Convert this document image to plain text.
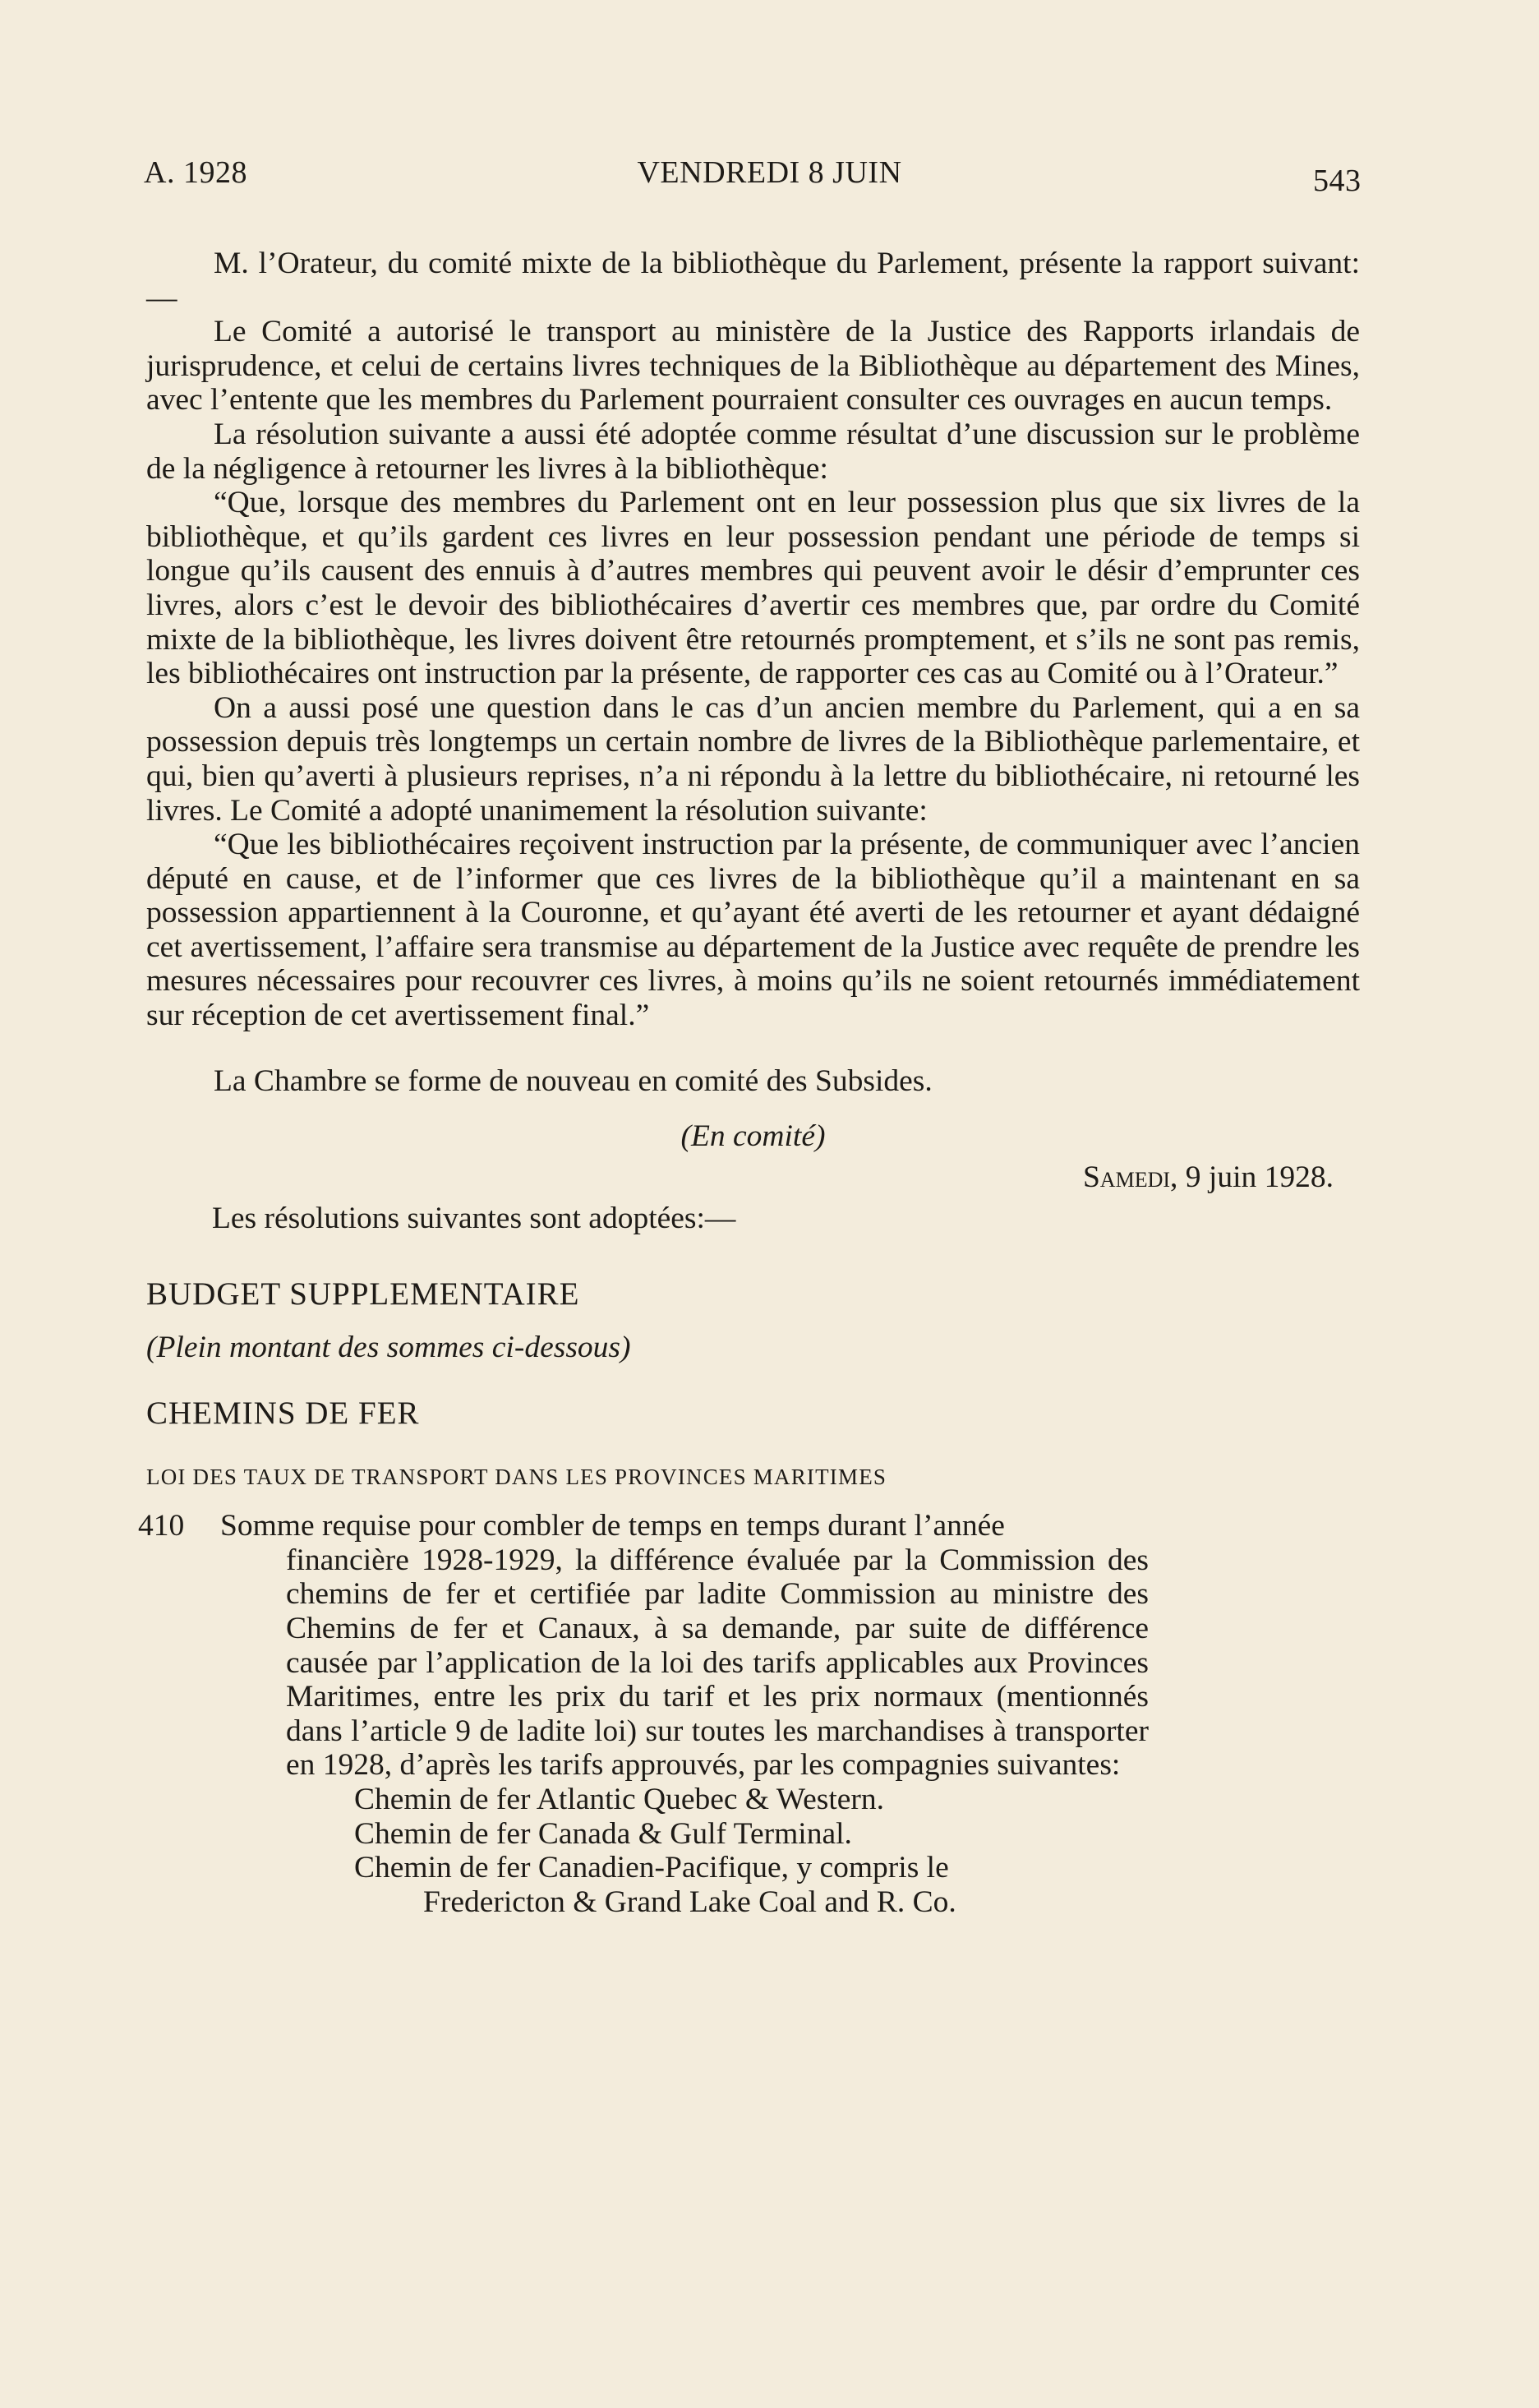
A. 1928	VENDREDI 8 JUIN	543

M. l’Orateur, du comité mixte de la bibliothèque du Parlement, présente la rapport suivant:—

Le Comité a autorisé le transport au ministère de la Justice des Rapports irlandais de jurisprudence, et celui de certains livres techniques de la Bibliothèque au département des Mines, avec l’entente que les membres du Parlement pourraient consulter ces ouvrages en aucun temps.

La résolution suivante a aussi été adoptée comme résultat d’une discussion sur le problème de la négligence à retourner les livres à la bibliothèque:

“Que, lorsque des membres du Parlement ont en leur possession plus que six livres de la bibliothèque, et qu’ils gardent ces livres en leur possession pendant une période de temps si longue qu’ils causent des ennuis à d’autres membres qui peuvent avoir le désir d’emprunter ces livres, alors c’est le devoir des bibliothécaires d’avertir ces membres que, par ordre du Comité mixte de la bibliothèque, les livres doivent être retournés promptement, et s’ils ne sont pas remis, les bibliothécaires ont instruction par la présente, de rapporter ces cas au Comité ou à l’Orateur.”

On a aussi posé une question dans le cas d’un ancien membre du Parlement, qui a en sa possession depuis très longtemps un certain nombre de livres de la Bibliothèque parlementaire, et qui, bien qu’averti à plusieurs reprises, n’a ni répondu à la lettre du bibliothécaire, ni retourné les livres. Le Comité a adopté unanimement la résolution suivante:

“Que les bibliothécaires reçoivent instruction par la présente, de communiquer avec l’ancien député en cause, et de l’informer que ces livres de la bibliothèque qu’il a maintenant en sa possession appartiennent à la Couronne, et qu’ayant été averti de les retourner et ayant dédaigné cet avertissement, l’affaire sera transmise au département de la Justice avec requête de prendre les mesures nécessaires pour recouvrer ces livres, à moins qu’ils ne soient retournés immédiatement sur réception de cet avertissement final.”

La Chambre se forme de nouveau en comité des Subsides.

(En comité)
Samedi, 9 juin 1928.

Les résolutions suivantes sont adoptées:—

BUDGET SUPPLEMENTAIRE

(Plein montant des sommes ci-dessous)

CHEMINS DE FER

LOI DES TAUX DE TRANSPORT DANS LES PROVINCES MARITIMES

410 Somme requise pour combler de temps en temps durant l’année
financière 1928-1929, la différence évaluée par la Commission des chemins de fer et certifiée par ladite Commission au ministre des Chemins de fer et Canaux, à sa demande, par suite de différence causée par l’application de la loi des tarifs applicables aux Provinces Maritimes, entre les prix du tarif et les prix normaux (mentionnés dans l’article 9 de ladite loi) sur toutes les marchandises à transporter en 1928, d’après les tarifs approuvés, par les compagnies suivantes:
Chemin de fer Atlantic Quebec & Western.
Chemin de fer Canada & Gulf Terminal.
Chemin de fer Canadien-Pacifique, y compris le
Fredericton & Grand Lake Coal and R. Co.
